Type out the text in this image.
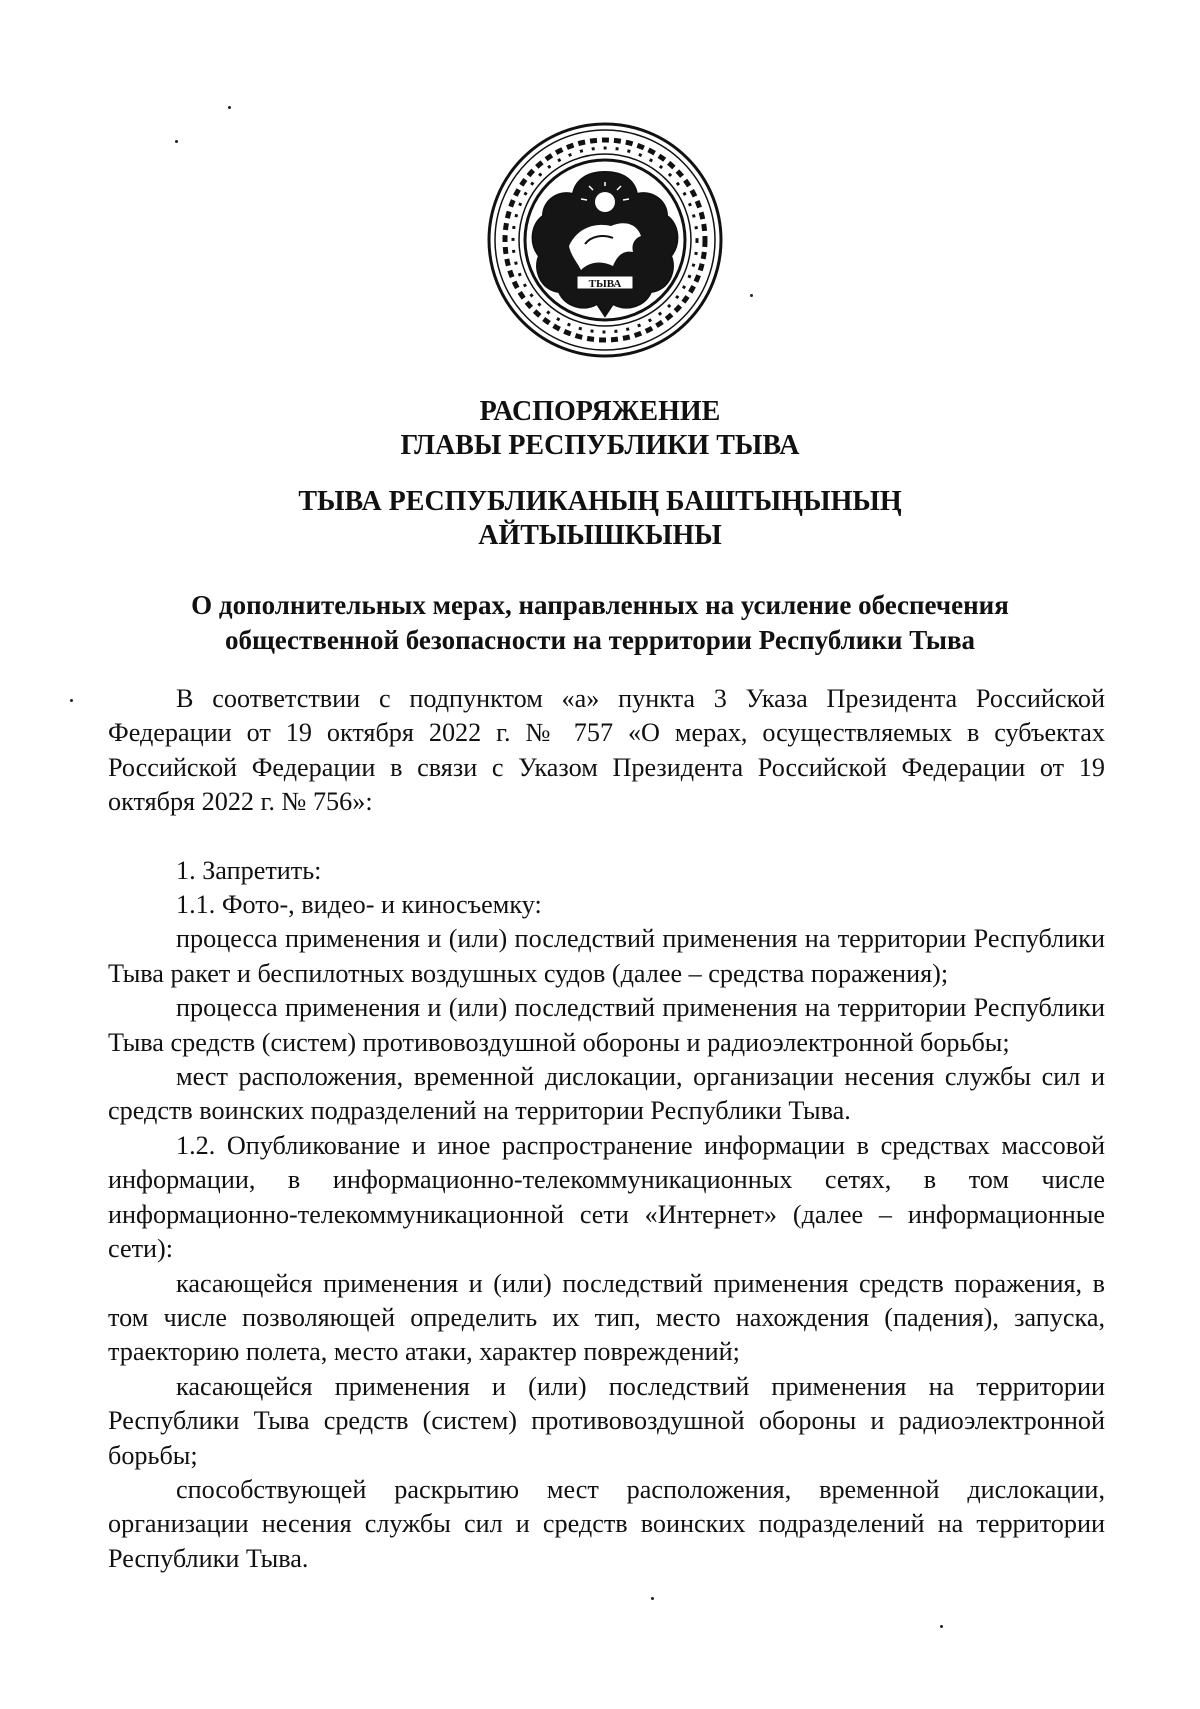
ТЫВА
РАСПОРЯЖЕНИЕ
ГЛАВЫ РЕСПУБЛИКИ ТЫВА
ТЫВА РЕСПУБЛИКАНЫҢ БАШТЫҢЫНЫҢ
АЙТЫЫШКЫНЫ
О дополнительных мерах, направленных на усиление обеспечения
общественной безопасности на территории Республики Тыва

В соответствии с подпунктом «а» пункта 3 Указа Президента Российской Федерации от 19 октября 2022 г. № 757 «О мерах, осуществляемых в субъектах Российской Федерации в связи с Указом Президента Российской Федерации от 19 октября 2022 г. № 756»:

1. Запретить:

1.1. Фото-, видео- и киносъемку:

процесса применения и (или) последствий применения на территории Республики Тыва ракет и беспилотных воздушных судов (далее – средства поражения);

процесса применения и (или) последствий применения на территории Республики Тыва средств (систем) противовоздушной обороны и радиоэлектронной борьбы;

мест расположения, временной дислокации, организации несения службы сил и средств воинских подразделений на территории Республики Тыва.

1.2. Опубликование и иное распространение информации в средствах массовой информации, в информационно-телекоммуникационных сетях, в том числе информационно-телекоммуникационной сети «Интернет» (далее – информационные сети):

касающейся применения и (или) последствий применения средств поражения, в том числе позволяющей определить их тип, место нахождения (падения), запуска, траекторию полета, место атаки, характер повреждений;

касающейся применения и (или) последствий применения на территории Республики Тыва средств (систем) противовоздушной обороны и радиоэлектронной борьбы;

способствующей раскрытию мест расположения, временной дислокации, организации несения службы сил и средств воинских подразделений на территории Республики Тыва.
